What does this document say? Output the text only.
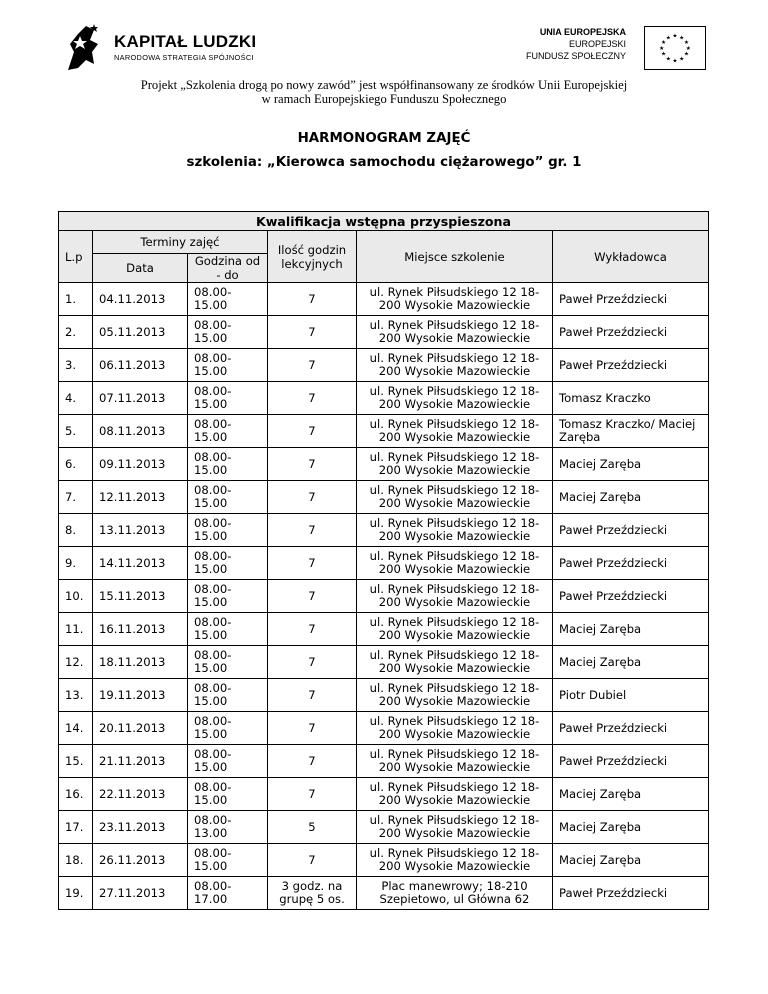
KAPITAŁ LUDZKI
NARODOWA STRATEGIA SPÓJNOŚCI
UNIA EUROPEJSKA
EUROPEJSKI
FUNDUSZ SPOŁECZNY
★ ★
★
★
★
★
★
★
★
★
★
★
Projekt „Szkolenia drogą po nowy zawód” jest współfinansowany ze środków Unii Europejskiej
w ramach Europejskiego Funduszu Społecznego
HARMONOGRAM ZAJĘĆ
szkolenia: „Kierowca samochodu ciężarowego” gr. 1
Kwalifikacja wstępna przyspieszona					
L.p	Terminy zajęć		Ilość godzin lekcyjnych	Miejsce szkolenie	Wykładowca
	Data	Godzina od - do			
1.	04.11.2013	08.00-15.00	7	ul. Rynek Piłsudskiego 12 18-200 Wysokie Mazowieckie	Paweł Przeździecki
2.	05.11.2013	08.00-15.00	7	ul. Rynek Piłsudskiego 12 18-200 Wysokie Mazowieckie	Paweł Przeździecki
3.	06.11.2013	08.00-15.00	7	ul. Rynek Piłsudskiego 12 18-200 Wysokie Mazowieckie	Paweł Przeździecki
4.	07.11.2013	08.00-15.00	7	ul. Rynek Piłsudskiego 12 18-200 Wysokie Mazowieckie	Tomasz Kraczko
5.	08.11.2013	08.00-15.00	7	ul. Rynek Piłsudskiego 12 18-200 Wysokie Mazowieckie	Tomasz Kraczko/ Maciej Zaręba
6.	09.11.2013	08.00-15.00	7	ul. Rynek Piłsudskiego 12 18-200 Wysokie Mazowieckie	Maciej Zaręba
7.	12.11.2013	08.00-15.00	7	ul. Rynek Piłsudskiego 12 18-200 Wysokie Mazowieckie	Maciej Zaręba
8.	13.11.2013	08.00-15.00	7	ul. Rynek Piłsudskiego 12 18-200 Wysokie Mazowieckie	Paweł Przeździecki
9.	14.11.2013	08.00-15.00	7	ul. Rynek Piłsudskiego 12 18-200 Wysokie Mazowieckie	Paweł Przeździecki
10.	15.11.2013	08.00-15.00	7	ul. Rynek Piłsudskiego 12 18-200 Wysokie Mazowieckie	Paweł Przeździecki
11.	16.11.2013	08.00-15.00	7	ul. Rynek Piłsudskiego 12 18-200 Wysokie Mazowieckie	Maciej Zaręba
12.	18.11.2013	08.00-15.00	7	ul. Rynek Piłsudskiego 12 18-200 Wysokie Mazowieckie	Maciej Zaręba
13.	19.11.2013	08.00-15.00	7	ul. Rynek Piłsudskiego 12 18-200 Wysokie Mazowieckie	Piotr Dubiel
14.	20.11.2013	08.00-15.00	7	ul. Rynek Piłsudskiego 12 18-200 Wysokie Mazowieckie	Paweł Przeździecki
15.	21.11.2013	08.00-15.00	7	ul. Rynek Piłsudskiego 12 18-200 Wysokie Mazowieckie	Paweł Przeździecki
16.	22.11.2013	08.00-15.00	7	ul. Rynek Piłsudskiego 12 18-200 Wysokie Mazowieckie	Maciej Zaręba
17.	23.11.2013	08.00-13.00	5	ul. Rynek Piłsudskiego 12 18-200 Wysokie Mazowieckie	Maciej Zaręba
18.	26.11.2013	08.00-15.00	7	ul. Rynek Piłsudskiego 12 18-200 Wysokie Mazowieckie	Maciej Zaręba
19.	27.11.2013	08.00-17.00	3 godz. na grupę 5 os.	Plac manewrowy; 18-210 Szepietowo, ul Główna 62	Paweł Przeździecki
